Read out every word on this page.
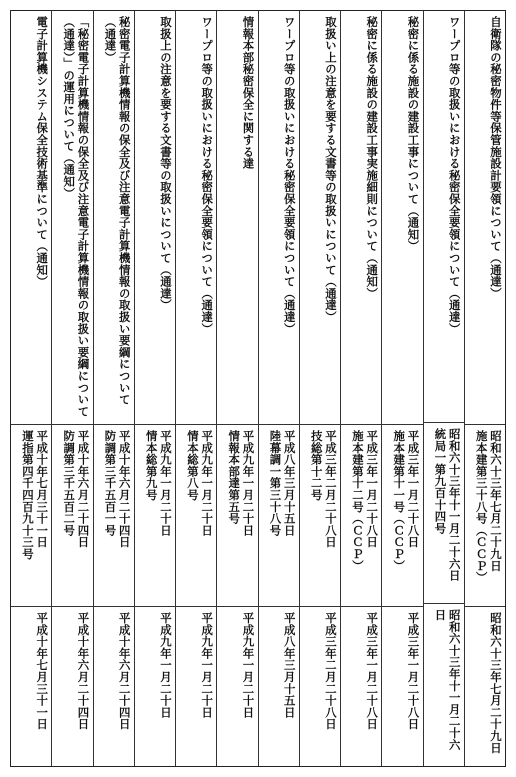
自衛隊の秘密物件等保管施設計要領について（通達）
昭和六十三年七月二十九日
施本建第三十八号（ＣＣＰ）
昭和六十三年七月二十九日
ワープロ等の取扱いにおける秘密保全要領について（通達）
昭和六十三年十一月二十六日
統局一第九百十四号
昭和六十三年十一月二十六日
秘密に係る施設の建設工事について（通知）
平成三年一月二十八日
施本建第十一号（ＣＣＰ）
平成三年一月二十八日
秘密に係る施設の建設工事実施細則について（通知）
平成三年一月二十八日
施本建第十二号（ＣＣＰ）
平成三年一月二十八日
取扱い上の注意を要する文書等の取扱いについて（通達）
平成三年二月二十八日
技総第十二号
平成三年二月二十八日
ワープロ等の取扱いにおける秘密保全要領について（通達）
平成八年三月十五日
陸幕調一第三十八号
平成八年三月十五日
情報本部秘密保全に関する達
平成九年一月二十日
情報本部達第五号
平成九年一月二十日
ワープロ等の取扱いにおける秘密保全要領について（通達）
平成九年一月二十日
情本総第八号
平成九年一月二十日
取扱上の注意を要する文書等の取扱いについて（通達）
平成九年一月二十日
情本総第九号
平成九年一月二十日
秘密電子計算機情報の保全及び注意電子計算機情報の取扱い要綱について（通達）
平成十年六月二十四日
防調第三千五百一号
平成十年六月二十四日
「秘密電子計算機情報の保全及び注意電子計算機情報の取扱い要綱について（通達）」の運用について（通知）
平成十年六月二十四日
防調第三千五百二号
平成十年六月二十四日
電子計算機システム保全技術基準について（通知）
平成十年七月三十一日
運指第四千四百九十三号
平成十年七月三十一日
